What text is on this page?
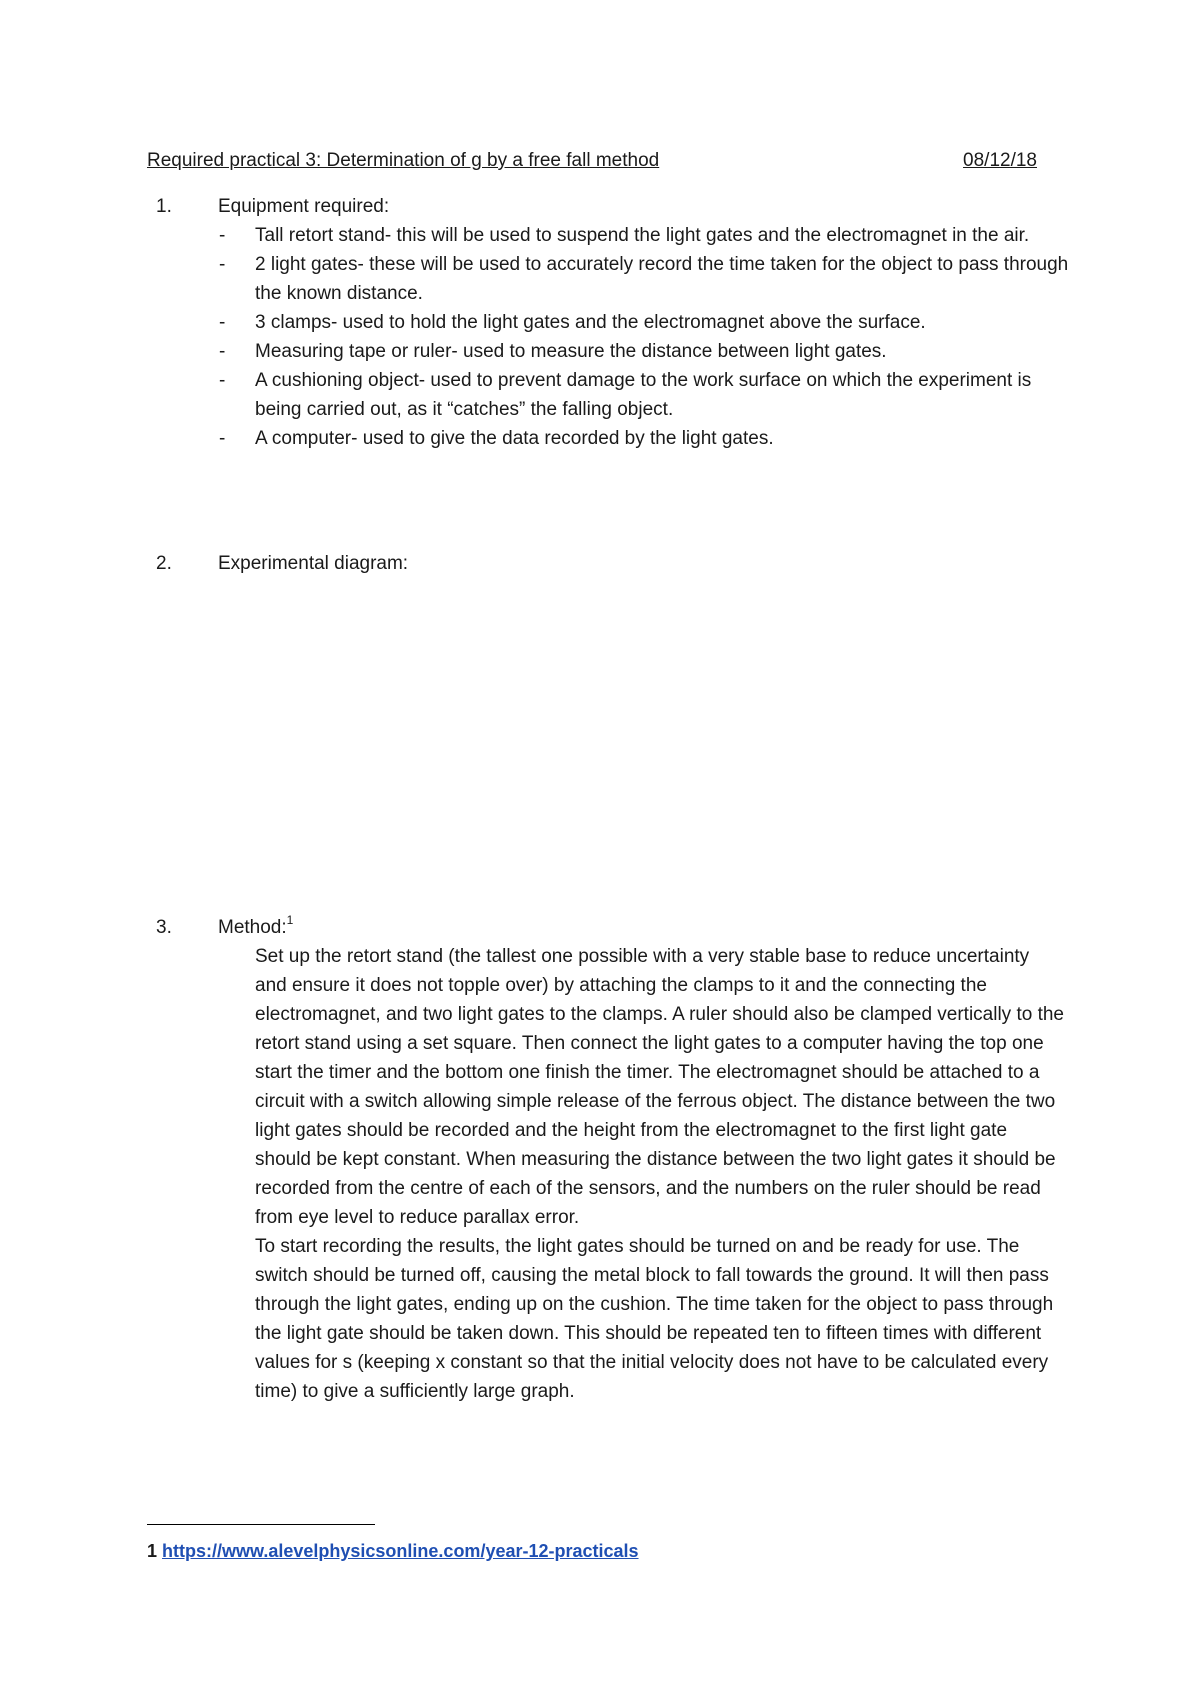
Required practical 3: Determination of g by a free fall method	08/12/18
1. Equipment required:
- Tall retort stand- this will be used to suspend the light gates and the electromagnet in the air.
- 2 light gates- these will be used to accurately record the time taken for the object to pass through the known distance.
- 3 clamps- used to hold the light gates and the electromagnet above the surface.
- Measuring tape or ruler- used to measure the distance between light gates.
- A cushioning object- used to prevent damage to the work surface on which the experiment is being carried out, as it “catches” the falling object.
- A computer- used to give the data recorded by the light gates.
2. Experimental diagram:
3. Method:$^1$

Set up the retort stand (the tallest one possible with a very stable base to reduce uncertainty and ensure it does not topple over) by attaching the clamps to it and the connecting the electromagnet, and two light gates to the clamps. A ruler should also be clamped vertically to the retort stand using a set square. Then connect the light gates to a computer having the top one start the timer and the bottom one finish the timer. The electromagnet should be attached to a circuit with a switch allowing simple release of the ferrous object. The distance between the two light gates should be recorded and the height from the electromagnet to the first light gate should be kept constant. When measuring the distance between the two light gates it should be recorded from the centre of each of the sensors, and the numbers on the ruler should be read from eye level to reduce parallax error.

To start recording the results, the light gates should be turned on and be ready for use. The switch should be turned off, causing the metal block to fall towards the ground. It will then pass through the light gates, ending up on the cushion. The time taken for the object to pass through the light gate should be taken down. This should be repeated ten to fifteen times with different values for s (keeping x constant so that the initial velocity does not have to be calculated every time) to give a sufficiently large graph.

1 https://www.alevelphysicsonline.com/year-12-practicals
